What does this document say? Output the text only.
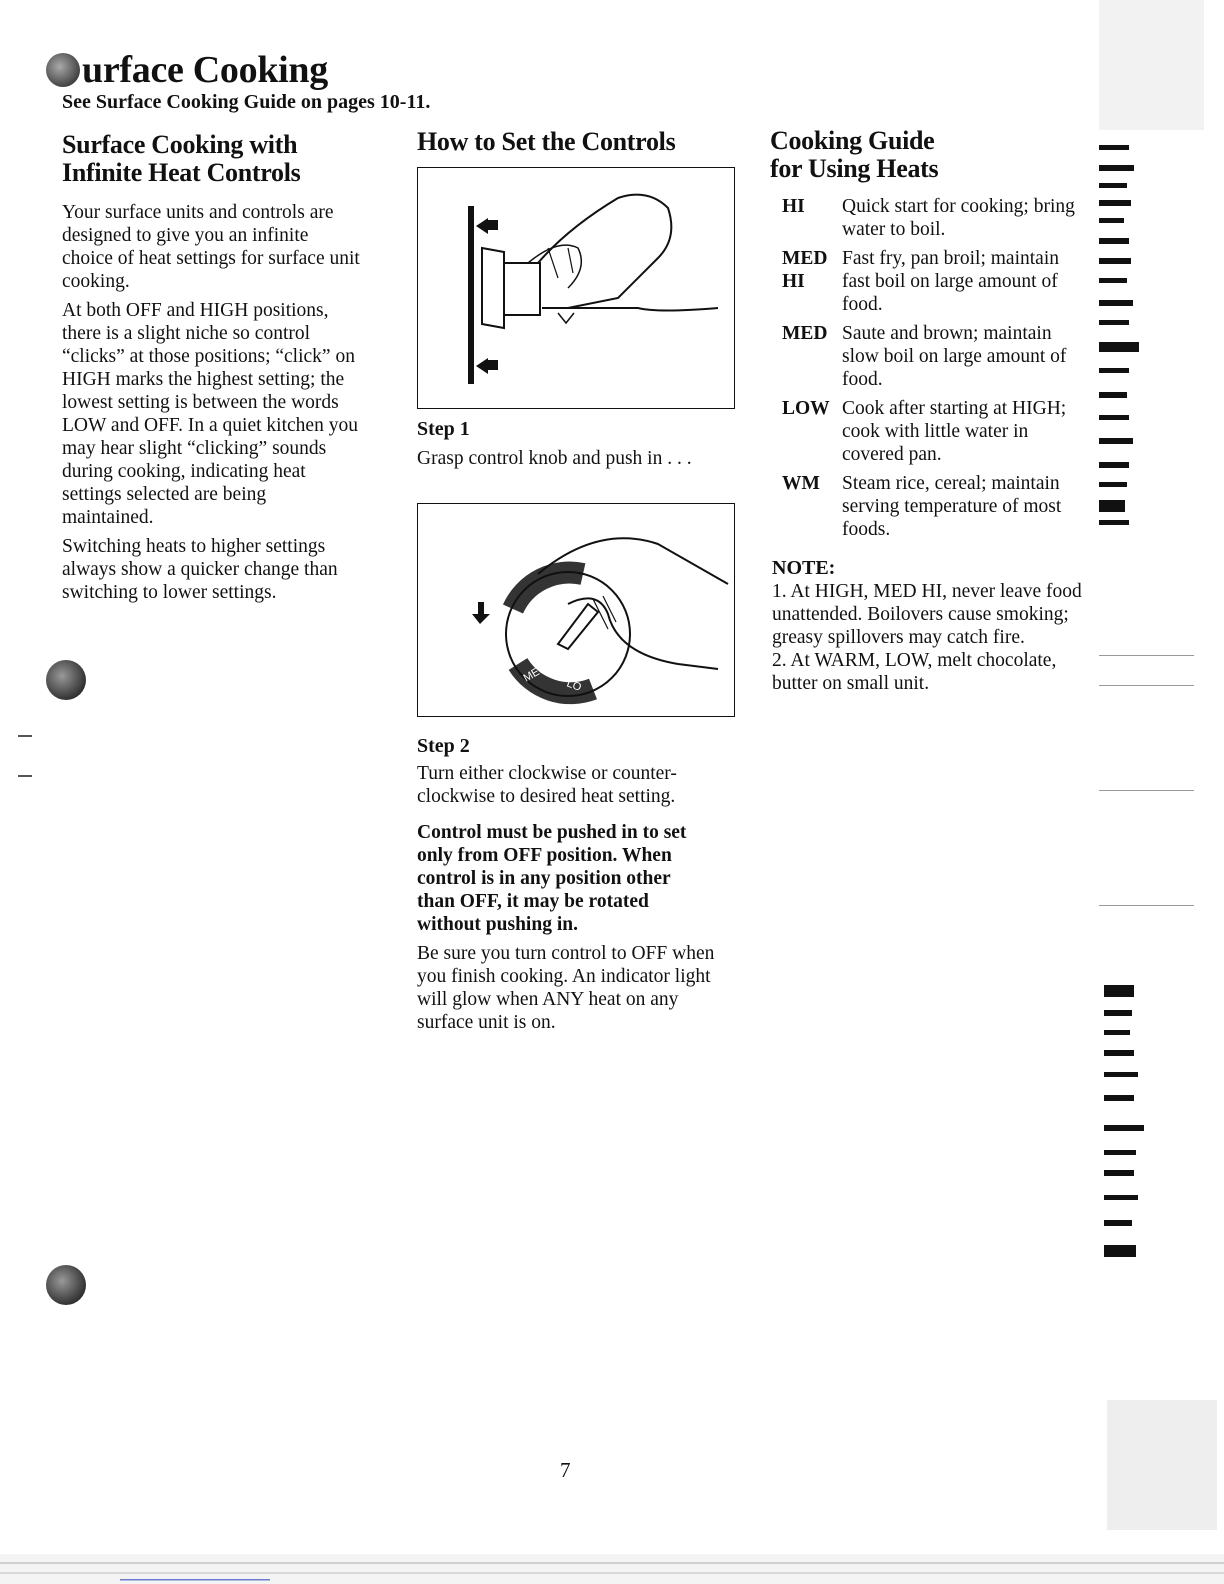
urface Cooking
See Surface Cooking Guide on pages 10-11.
Surface Cooking with
Infinite Heat Controls

Your surface units and controls are designed to give you an infinite choice of heat settings for surface unit cooking.

At both OFF and HIGH positions, there is a slight niche so control “clicks” at those positions; “click” on HIGH marks the highest setting; the lowest setting is between the words LOW and OFF. In a quiet kitchen you may hear slight “clicking” sounds during cooking, indicating heat settings selected are being maintained.

Switching heats to higher settings always show a quicker change than switching to lower settings.

How to Set the Controls
Step 1
Grasp control knob and push in . . .
MED HI
MED
LO
Step 2
Turn either clockwise or counter-clockwise to desired heat setting.
Control must be pushed in to set only from OFF position. When control is in any position other than OFF, it may be rotated without pushing in.
Be sure you turn control to OFF when you finish cooking. An indicator light will glow when ANY heat on any surface unit is on.
Cooking Guide
for Using Heats
HI	Quick start for cooking; bring water to boil.
MED HI
Fast fry, pan broil; maintain fast boil on large amount of food.
MED Saute and brown; maintain slow boil on large amount of food.
LOW Cook after starting at HIGH; cook with little water in covered pan.
WM	Steam rice, cereal; maintain serving temperature of most foods.
NOTE:
1. At HIGH, MED HI, never leave food unattended. Boilovers cause smoking; greasy spillovers may catch fire.
2. At WARM, LOW, melt chocolate, butter on small unit.
7
